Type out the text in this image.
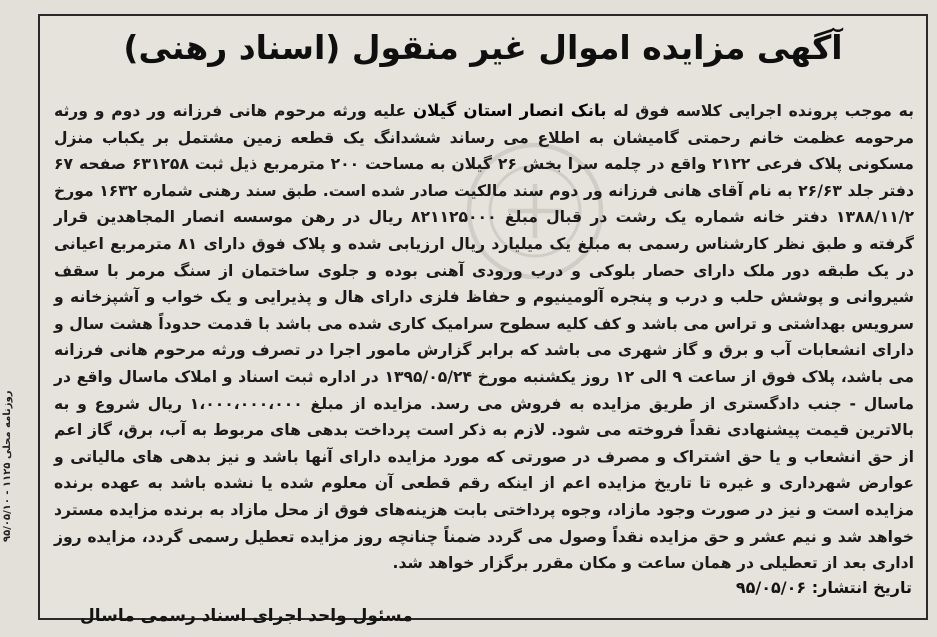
روزنامه محلی ۱۱۲۵ - ۹۵/۰۵/۱۰
آگهی مزایده اموال غیر منقول (اسناد رهنی)

به موجب پرونده اجرایی کلاسه فوق له بانک انصار استان گیلان علیه ورثه مرحوم هانی فرزانه ور دوم و ورثه مرحومه عظمت خانم رحمتی گامیشان به اطلاع می رساند ششدانگ یک قطعه زمین مشتمل بر یکباب منزل مسکونی پلاک فرعی ۲۱۲۲ واقع در چلمه سرا بخش ۲۶ گیلان به مساحت ۲۰۰ مترمربع ذیل ثبت ۶۳۱۲۵۸ صفحه ۶۷ دفتر جلد ۲۶/۶۳ به نام آقای هانی فرزانه ور دوم سند مالکیت صادر شده است. طبق سند رهنی شماره ۱۶۳۲ مورخ ۱۳۸۸/۱۱/۲ دفتر خانه شماره یک رشت در قبال مبلغ ۸۲۱۱۲۵۰۰۰ ریال در رهن موسسه انصار المجاهدین قرار گرفته و طبق نظر کارشناس رسمی به مبلغ یک میلیارد ریال ارزیابی شده و پلاک فوق دارای ۸۱ مترمربع اعیانی در یک طبقه دور ملک دارای حصار بلوکی و درب ورودی آهنی بوده و جلوی ساختمان از سنگ مرمر با سقف شیروانی و پوشش حلب و درب و پنجره آلومینیوم و حفاظ فلزی دارای هال و پذیرایی و یک خواب و آشپزخانه و سرویس بهداشتی و تراس می باشد و کف کلیه سطوح سرامیک کاری شده می باشد با قدمت حدوداً هشت سال و دارای انشعابات آب و برق و گاز شهری می باشد که برابر گزارش مامور اجرا در تصرف ورثه مرحوم هانی فرزانه می باشد، پلاک فوق از ساعت ۹ الی ۱۲ روز یکشنبه مورخ ۱۳۹۵/۰۵/۲۴ در اداره ثبت اسناد و املاک ماسال واقع در ماسال - جنب دادگستری از طریق مزایده به فروش می رسد. مزایده از مبلغ ۱،۰۰۰،۰۰۰،۰۰۰ ریال شروع و به بالاترین قیمت پیشنهادی نقداً فروخته می شود. لازم به ذکر است پرداخت بدهی های مربوط به آب، برق، گاز اعم از حق انشعاب و یا حق اشتراک و مصرف در صورتی که مورد مزایده دارای آنها باشد و نیز بدهی های مالیاتی و عوارض شهرداری و غیره تا تاریخ مزایده اعم از اینکه رقم قطعی آن معلوم شده یا نشده باشد به عهده برنده مزایده است و نیز در صورت وجود مازاد، وجوه پرداختی بابت هزینه‌های فوق از محل مازاد به برنده مزایده مسترد خواهد شد و نیم عشر و حق مزایده نقداً وصول می گردد ضمناً چنانچه روز مزایده تعطیل رسمی گردد، مزایده روز اداری بعد از تعطیلی در همان ساعت و مکان مقرر برگزار خواهد شد.

تاریخ انتشار: ۹۵/۰۵/۰۶
مسئول واحد اجرای اسناد رسمی ماسال
